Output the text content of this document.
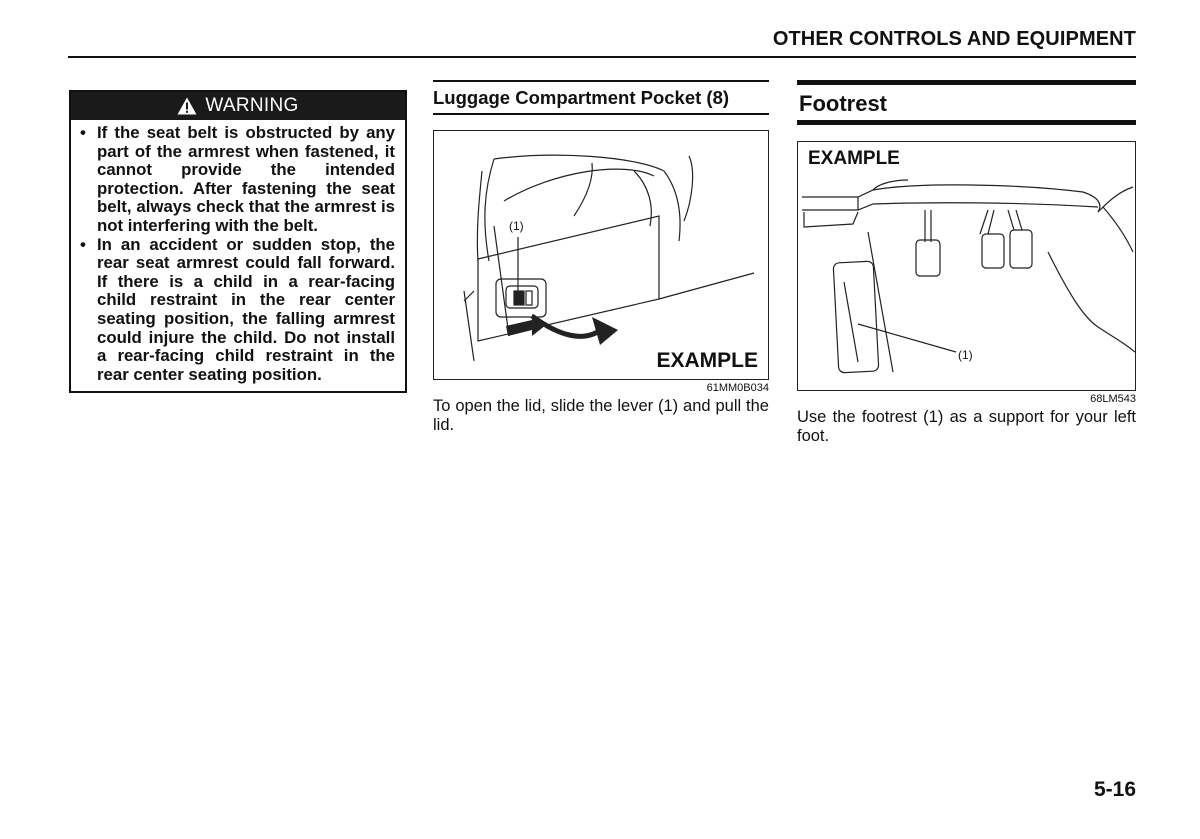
OTHER CONTROLS AND EQUIPMENT
WARNING
• If the seat belt is obstructed by any part of the armrest when fastened, it cannot provide the intended protection. After fastening the seat belt, always check that the armrest is not interfering with the belt.
• In an accident or sudden stop, the rear seat armrest could fall forward. If there is a child in a rear-facing child restraint in the rear center seating position, the falling armrest could injure the child. Do not install a rear-facing child restraint in the rear center seating position.
Luggage Compartment Pocket (8)
(1)
EXAMPLE
61MM0B034
To open the lid, slide the lever (1) and pull the lid.
Footrest
EXAMPLE
(1)
68LM543
Use the footrest (1) as a support for your left foot.
5-16
